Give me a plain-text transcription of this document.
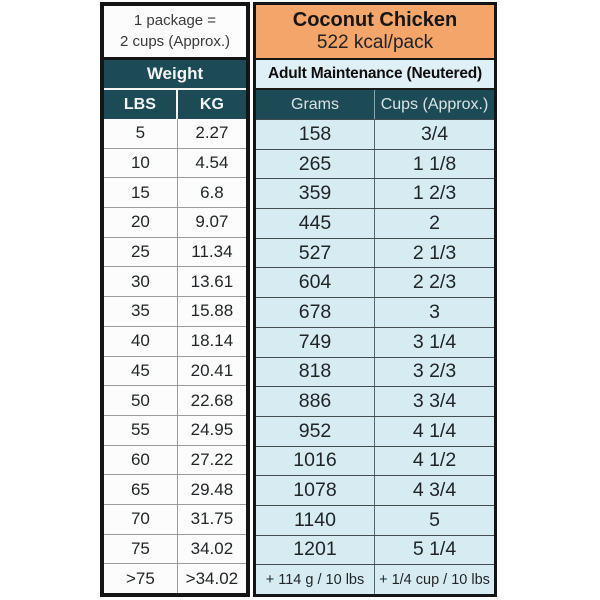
1 package =
2 cups (Approx.)
Weight
LBS	KG
5	2.27
10	4.54
15	6.8
20	9.07
25	11.34
30	13.61
35	15.88
40	18.14
45	20.41
50	22.68
55	24.95
60	27.22
65	29.48
70	31.75
75	34.02
>75	>34.02
Coconut Chicken
522 kcal/pack
Adult Maintenance (Neutered)
Grams	Cups (Approx.)
158	3/4
265	1 1/8
359	1 2/3
445	2
527	2 1/3
604	2 2/3
678	3
749	3 1/4
818	3 2/3
886	3 3/4
952	4 1/4
1016	4 1/2
1078	4 3/4
1140	5
1201	5 1/4
+ 114 g / 10 lbs	+ 1/4 cup / 10 lbs
